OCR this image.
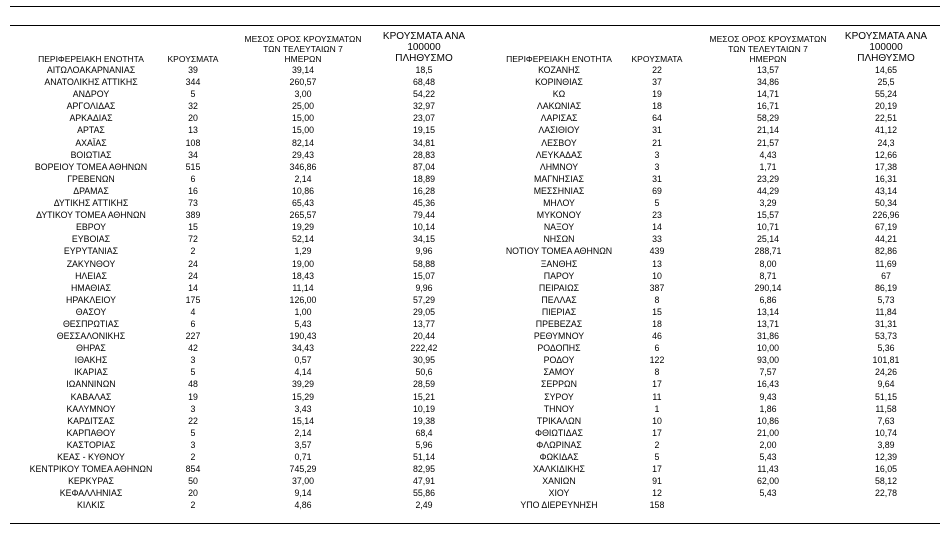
ΠΕΡΙΦΕΡΕΙΑΚΗ ΕΝΟΤΗΤΑ	ΚΡΟΥΣΜΑΤΑ
ΜΕΣΟΣ ΟΡΟΣ ΚΡΟΥΣΜΑΤΩΝ
ΤΩΝ ΤΕΛΕΥΤΑΙΩΝ 7 ΗΜΕΡΩΝ
ΚΡΟΥΣΜΑΤΑ ΑΝΑ 100000
ΠΛΗΘΥΣΜΟ
ΑΙΤΩΛΟΑΚΑΡΝΑΝΙΑΣ	39	39,14	18,5
ΑΝΑΤΟΛΙΚΗΣ ΑΤΤΙΚΗΣ	344	260,57	68,48
ΑΝΔΡΟΥ	5	3,00	54,22
ΑΡΓΟΛΙΔΑΣ	32	25,00	32,97
ΑΡΚΑΔΙΑΣ	20	15,00	23,07
ΑΡΤΑΣ	13	15,00	19,15
ΑΧΑΪΑΣ	108	82,14	34,81
ΒΟΙΩΤΙΑΣ	34	29,43	28,83
ΒΟΡΕΙΟΥ ΤΟΜΕΑ ΑΘΗΝΩΝ	515	346,86	87,04
ΓΡΕΒΕΝΩΝ	6	2,14	18,89
ΔΡΑΜΑΣ	16	10,86	16,28
ΔΥΤΙΚΗΣ ΑΤΤΙΚΗΣ	73	65,43	45,36
ΔΥΤΙΚΟΥ ΤΟΜΕΑ ΑΘΗΝΩΝ	389	265,57	79,44
ΕΒΡΟΥ	15	19,29	10,14
ΕΥΒΟΙΑΣ	72	52,14	34,15
ΕΥΡΥΤΑΝΙΑΣ	2	1,29	9,96
ΖΑΚΥΝΘΟΥ	24	19,00	58,88
ΗΛΕΙΑΣ	24	18,43	15,07
ΗΜΑΘΙΑΣ	14	11,14	9,96
ΗΡΑΚΛΕΙΟΥ	175	126,00	57,29
ΘΑΣΟΥ	4	1,00	29,05
ΘΕΣΠΡΩΤΙΑΣ	6	5,43	13,77
ΘΕΣΣΑΛΟΝΙΚΗΣ	227	190,43	20,44
ΘΗΡΑΣ	42	34,43	222,42
ΙΘΑΚΗΣ	3	0,57	30,95
ΙΚΑΡΙΑΣ	5	4,14	50,6
ΙΩΑΝΝΙΝΩΝ	48	39,29	28,59
ΚΑΒΑΛΑΣ	19	15,29	15,21
ΚΑΛΥΜΝΟΥ	3	3,43	10,19
ΚΑΡΔΙΤΣΑΣ	22	15,14	19,38
ΚΑΡΠΑΘΟΥ	5	2,14	68,4
ΚΑΣΤΟΡΙΑΣ	3	3,57	5,96
ΚΕΑΣ - ΚΥΘΝΟΥ	2	0,71	51,14
ΚΕΝΤΡΙΚΟΥ ΤΟΜΕΑ ΑΘΗΝΩΝ	854	745,29	82,95
ΚΕΡΚΥΡΑΣ	50	37,00	47,91
ΚΕΦΑΛΛΗΝΙΑΣ	20	9,14	55,86
ΚΙΛΚΙΣ	2	4,86	2,49
ΠΕΡΙΦΕΡΕΙΑΚΗ ΕΝΟΤΗΤΑ	ΚΡΟΥΣΜΑΤΑ
ΜΕΣΟΣ ΟΡΟΣ ΚΡΟΥΣΜΑΤΩΝ
ΤΩΝ ΤΕΛΕΥΤΑΙΩΝ 7 ΗΜΕΡΩΝ
ΚΡΟΥΣΜΑΤΑ ΑΝΑ 100000
ΠΛΗΘΥΣΜΟ
ΚΟΖΑΝΗΣ	22	13,57	14,65
ΚΟΡΙΝΘΙΑΣ	37	34,86	25,5
ΚΩ	19	14,71	55,24
ΛΑΚΩΝΙΑΣ	18	16,71	20,19
ΛΑΡΙΣΑΣ	64	58,29	22,51
ΛΑΣΙΘΙΟΥ	31	21,14	41,12
ΛΕΣΒΟΥ	21	21,57	24,3
ΛΕΥΚΑΔΑΣ	3	4,43	12,66
ΛΗΜΝΟΥ	3	1,71	17,38
ΜΑΓΝΗΣΙΑΣ	31	23,29	16,31
ΜΕΣΣΗΝΙΑΣ	69	44,29	43,14
ΜΗΛΟΥ	5	3,29	50,34
ΜΥΚΟΝΟΥ	23	15,57	226,96
ΝΑΞΟΥ	14	10,71	67,19
ΝΗΣΩΝ	33	25,14	44,21
ΝΟΤΙΟΥ ΤΟΜΕΑ ΑΘΗΝΩΝ	439	288,71	82,86
ΞΑΝΘΗΣ	13	8,00	11,69
ΠΑΡΟΥ	10	8,71	67
ΠΕΙΡΑΙΩΣ	387	290,14	86,19
ΠΕΛΛΑΣ	8	6,86	5,73
ΠΙΕΡΙΑΣ	15	13,14	11,84
ΠΡΕΒΕΖΑΣ	18	13,71	31,31
ΡΕΘΥΜΝΟΥ	46	31,86	53,73
ΡΟΔΟΠΗΣ	6	10,00	5,36
ΡΟΔΟΥ	122	93,00	101,81
ΣΑΜΟΥ	8	7,57	24,26
ΣΕΡΡΩΝ	17	16,43	9,64
ΣΥΡΟΥ	11	9,43	51,15
ΤΗΝΟΥ	1	1,86	11,58
ΤΡΙΚΑΛΩΝ	10	10,86	7,63
ΦΘΙΩΤΙΔΑΣ	17	21,00	10,74
ΦΛΩΡΙΝΑΣ	2	2,00	3,89
ΦΩΚΙΔΑΣ	5	5,43	12,39
ΧΑΛΚΙΔΙΚΗΣ	17	11,43	16,05
ΧΑΝΙΩΝ	91	62,00	58,12
ΧΙΟΥ	12	5,43	22,78
ΥΠΟ ΔΙΕΡΕΥΝΗΣΗ	158
